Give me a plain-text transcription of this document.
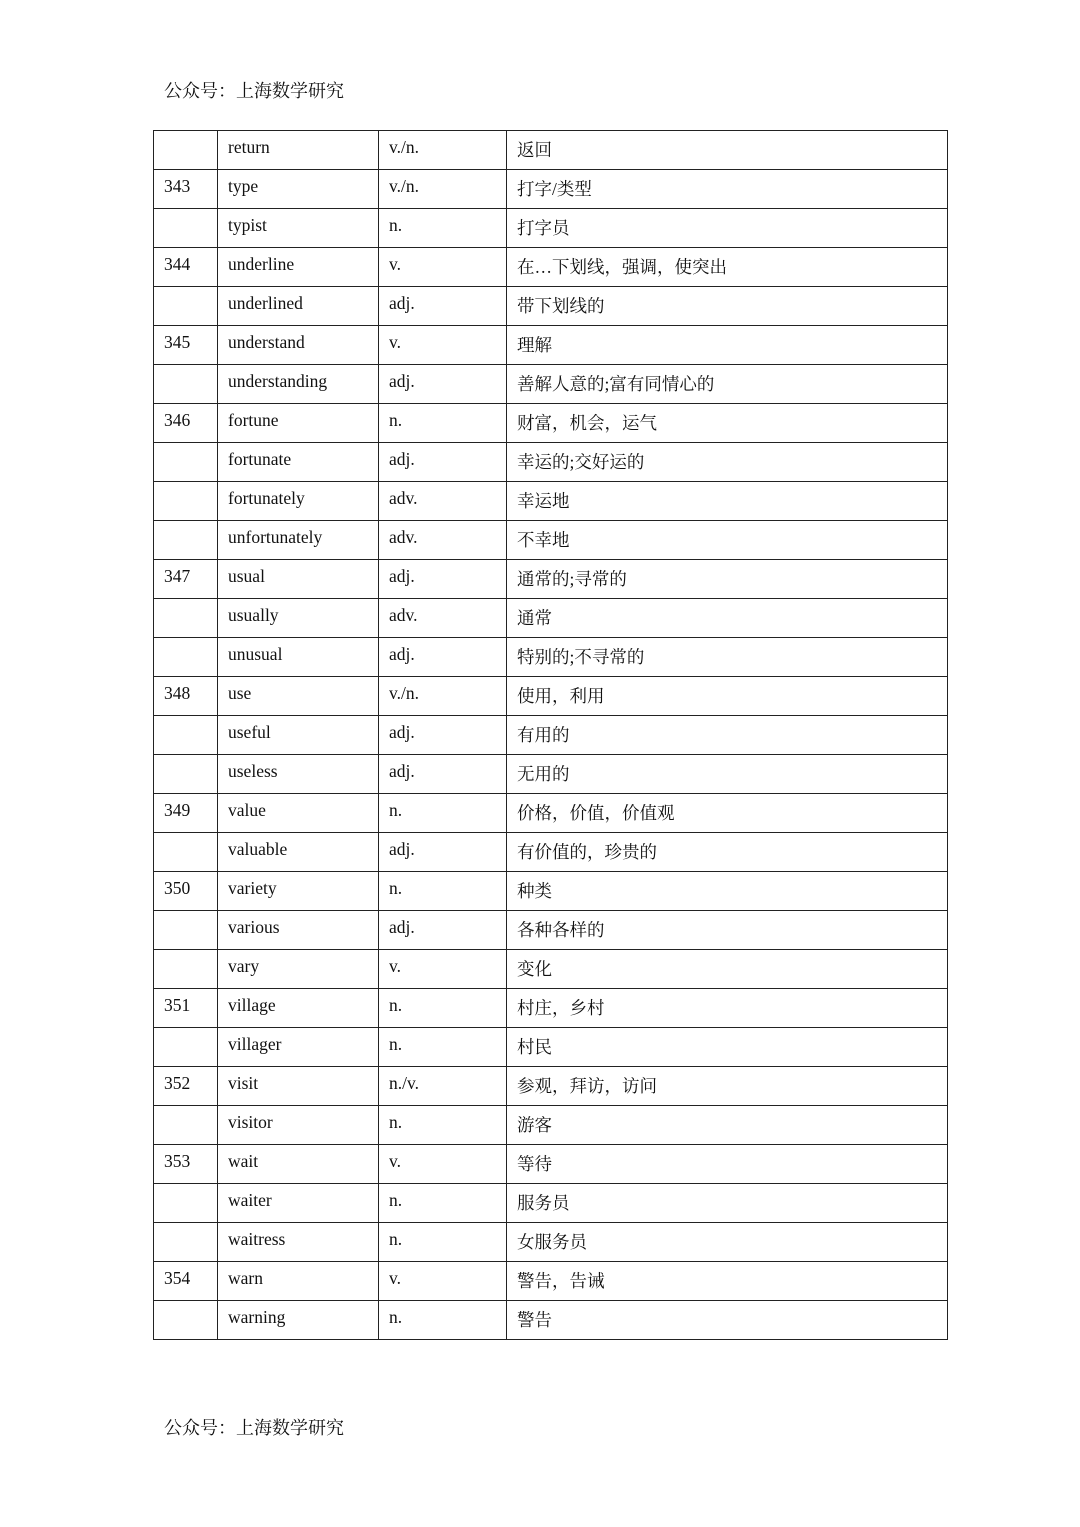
公众号：上海数学研究
	return	v./n.	返回
343	type	v./n.	打字/类型
	typist	n.	打字员
344	underline	v.	在…下划线，强调，使突出
	underlined	adj.	带下划线的
345	understand	v.	理解
	understanding	adj.	善解人意的;富有同情心的
346	fortune	n.	财富，机会，运气
	fortunate	adj.	幸运的;交好运的
	fortunately	adv.	幸运地
	unfortunately	adv.	不幸地
347	usual	adj.	通常的;寻常的
	usually	adv.	通常
	unusual	adj.	特别的;不寻常的
348	use	v./n.	使用，利用
	useful	adj.	有用的
	useless	adj.	无用的
349	value	n.	价格，价值，价值观
	valuable	adj.	有价值的，珍贵的
350	variety	n.	种类
	various	adj.	各种各样的
	vary	v.	变化
351	village	n.	村庄，乡村
	villager	n.	村民
352	visit	n./v.	参观，拜访，访问
	visitor	n.	游客
353	wait	v.	等待
	waiter	n.	服务员
	waitress	n.	女服务员
354	warn	v.	警告，告诫
	warning	n.	警告
公众号：上海数学研究
